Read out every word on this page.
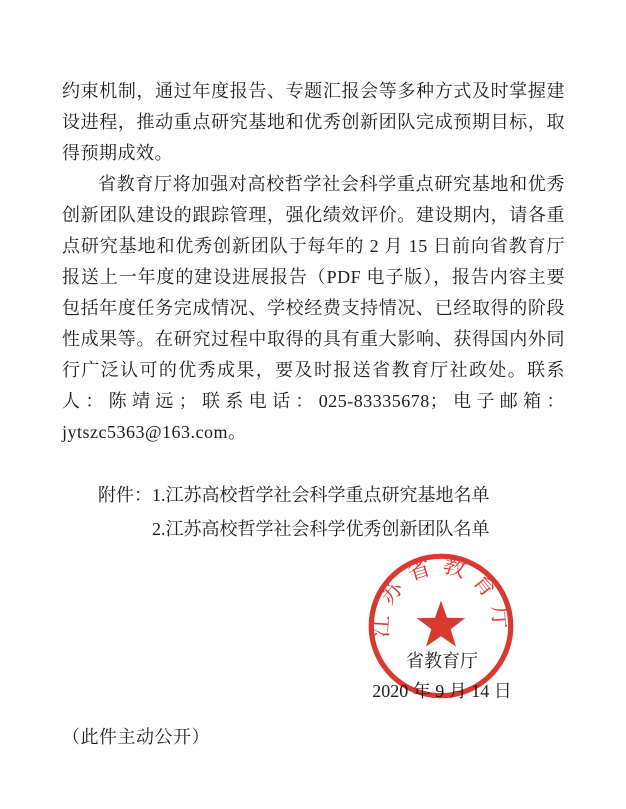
约束机制，通过年度报告、专题汇报会等多种方式及时掌握建设进程，推动重点研究基地和优秀创新团队完成预期目标，取得预期成效。

省教育厅将加强对高校哲学社会科学重点研究基地和优秀创新团队建设的跟踪管理，强化绩效评价。建设期内，请各重点研究基地和优秀创新团队于每年的 2 月 15 日前向省教育厅报送上一年度的建设进展报告（PDF 电子版），报告内容主要包括年度任务完成情况、学校经费支持情况、已经取得的阶段性成果等。在研究过程中取得的具有重大影响、获得国内外同行广泛认可的优秀成果，要及时报送省教育厅社政处。联系人：陈靖远；联系电话：025-83335678；电子邮箱：jytszc5363@163.com。

附件：1.江苏高校哲学社会科学重点研究基地名单
2.江苏高校哲学社会科学优秀创新团队名单
省教育厅
2020 年 9 月 14 日
（此件主动公开）
江苏省教育厅
